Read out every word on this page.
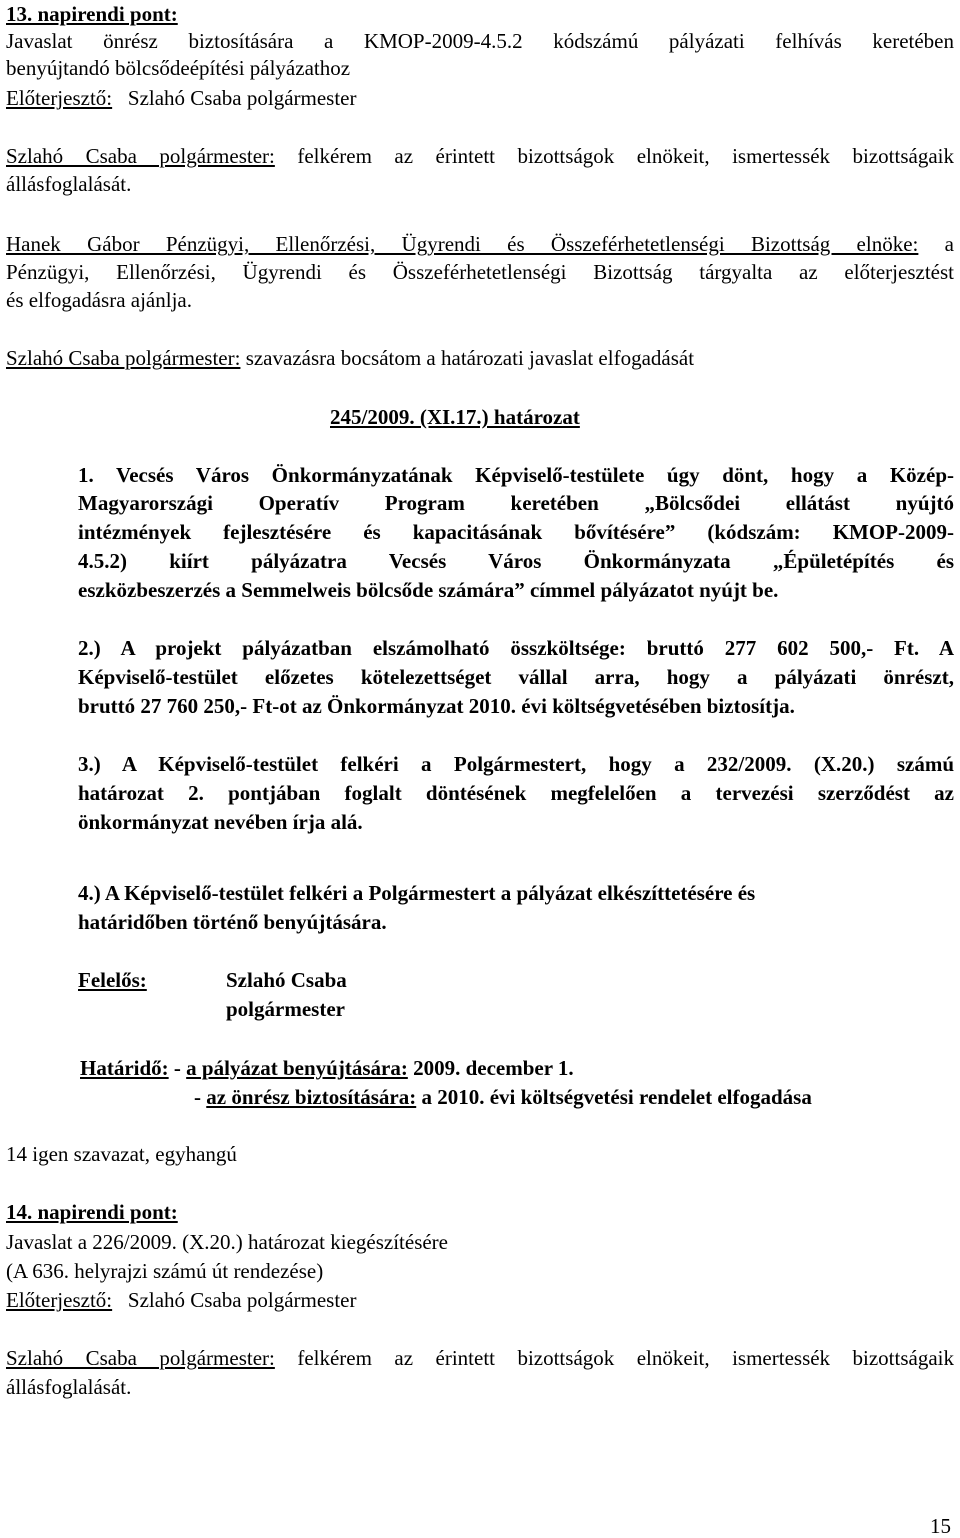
13. napirendi pont:
Javaslat önrész biztosítására a KMOP-2009-4.5.2 kódszámú pályázati felhívás keretében
benyújtandó bölcsődeépítési pályázathoz
Előterjesztő: Szlahó Csaba polgármester
Szlahó Csaba polgármester: felkérem az érintett bizottságok elnökeit, ismertessék bizottságaik
állásfoglalását.
Hanek Gábor Pénzügyi, Ellenőrzési, Ügyrendi és Összeférhetetlenségi Bizottság elnöke: a
Pénzügyi, Ellenőrzési, Ügyrendi és Összeférhetetlenségi Bizottság tárgyalta az előterjesztést
és elfogadásra ajánlja.
Szlahó Csaba polgármester: szavazásra bocsátom a határozati javaslat elfogadását
245/2009. (XI.17.) határozat
1. Vecsés Város Önkormányzatának Képviselő-testülete úgy dönt, hogy a Közép-
Magyarországi Operatív Program keretében „Bölcsődei ellátást nyújtó
intézmények fejlesztésére és kapacitásának bővítésére” (kódszám: KMOP-2009-
4.5.2) kiírt pályázatra Vecsés Város Önkormányzata „Épületépítés és
eszközbeszerzés a Semmelweis bölcsőde számára” címmel pályázatot nyújt be.
2.) A projekt pályázatban elszámolható összköltsége: bruttó 277 602 500,- Ft. A
Képviselő-testület előzetes kötelezettséget vállal arra, hogy a pályázati önrészt,
bruttó 27 760 250,- Ft-ot az Önkormányzat 2010. évi költségvetésében biztosítja.
3.) A Képviselő-testület felkéri a Polgármestert, hogy a 232/2009. (X.20.) számú
határozat 2. pontjában foglalt döntésének megfelelően a tervezési szerződést az
önkormányzat nevében írja alá.
4.) A Képviselő-testület felkéri a Polgármestert a pályázat elkészíttetésére és
határidőben történő benyújtására.
Felelős:	Szlahó Csaba
polgármester
Határidő: - a pályázat benyújtására: 2009. december 1.
- az önrész biztosítására: a 2010. évi költségvetési rendelet elfogadása
14 igen szavazat, egyhangú
14. napirendi pont:
Javaslat a 226/2009. (X.20.) határozat kiegészítésére
(A 636. helyrajzi számú út rendezése)
Előterjesztő: Szlahó Csaba polgármester
Szlahó Csaba polgármester: felkérem az érintett bizottságok elnökeit, ismertessék bizottságaik
állásfoglalását.
15
